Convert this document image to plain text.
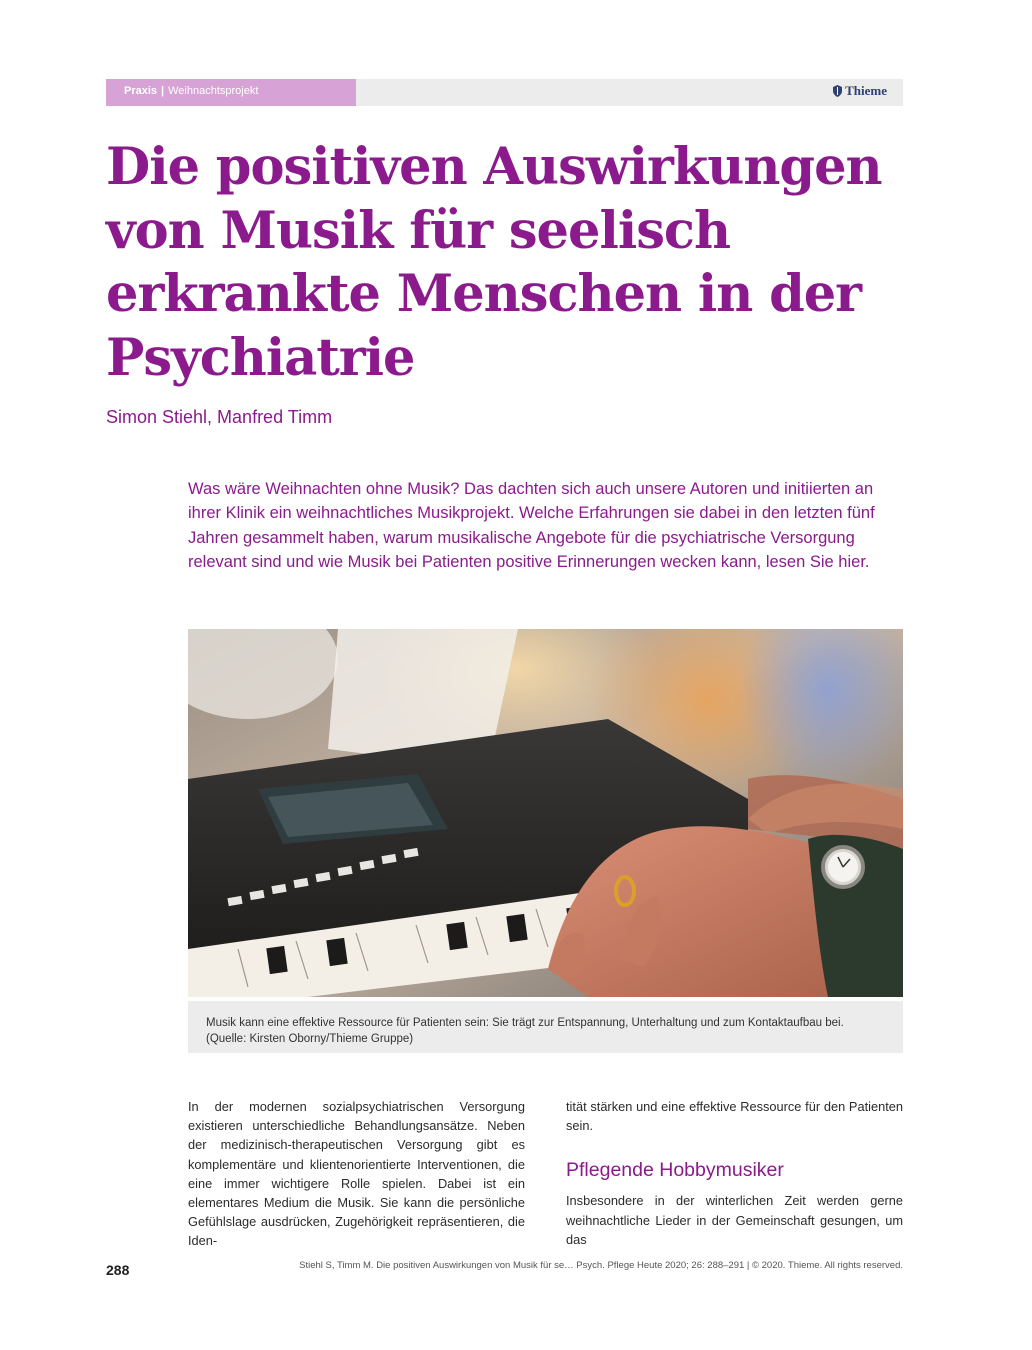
Praxis | Weihnachtsprojekt	Thieme
Die positiven Auswirkungen von Musik für seelisch erkrankte Menschen in der Psychiatrie
Simon Stiehl, Manfred Timm

Was wäre Weihnachten ohne Musik? Das dachten sich auch unsere Autoren und initiierten an ihrer Klinik ein weihnachtliches Musikprojekt. Welche Erfahrungen sie dabei in den letzten fünf Jahren gesammelt haben, warum musikalische Angebote für die psychiatrische Versorgung relevant sind und wie Musik bei Patienten positive Erinnerungen wecken kann, lesen Sie hier.

Musik kann eine effektive Ressource für Patienten sein: Sie trägt zur Entspannung, Unterhaltung und zum Kontaktaufbau bei.
(Quelle: Kirsten Oborny/Thieme Gruppe)

In der modernen sozialpsychiatrischen Versorgung existieren unterschiedliche Behandlungsansätze. Neben der medizinisch-therapeutischen Versorgung gibt es komplementäre und klientenorientierte Interventionen, die eine immer wichtigere Rolle spielen. Dabei ist ein elementares Medium die Musik. Sie kann die persönliche Gefühlslage ausdrücken, Zugehörigkeit repräsentieren, die Iden-

tität stärken und eine effektive Ressource für den Patienten sein.

Pflegende Hobbymusiker

Insbesondere in der winterlichen Zeit werden gerne weihnachtliche Lieder in der Gemeinschaft gesungen, um das

288	Stiehl S, Timm M. Die positiven Auswirkungen von Musik für se… Psych. Pflege Heute 2020; 26: 288–291 | © 2020. Thieme. All rights reserved.
